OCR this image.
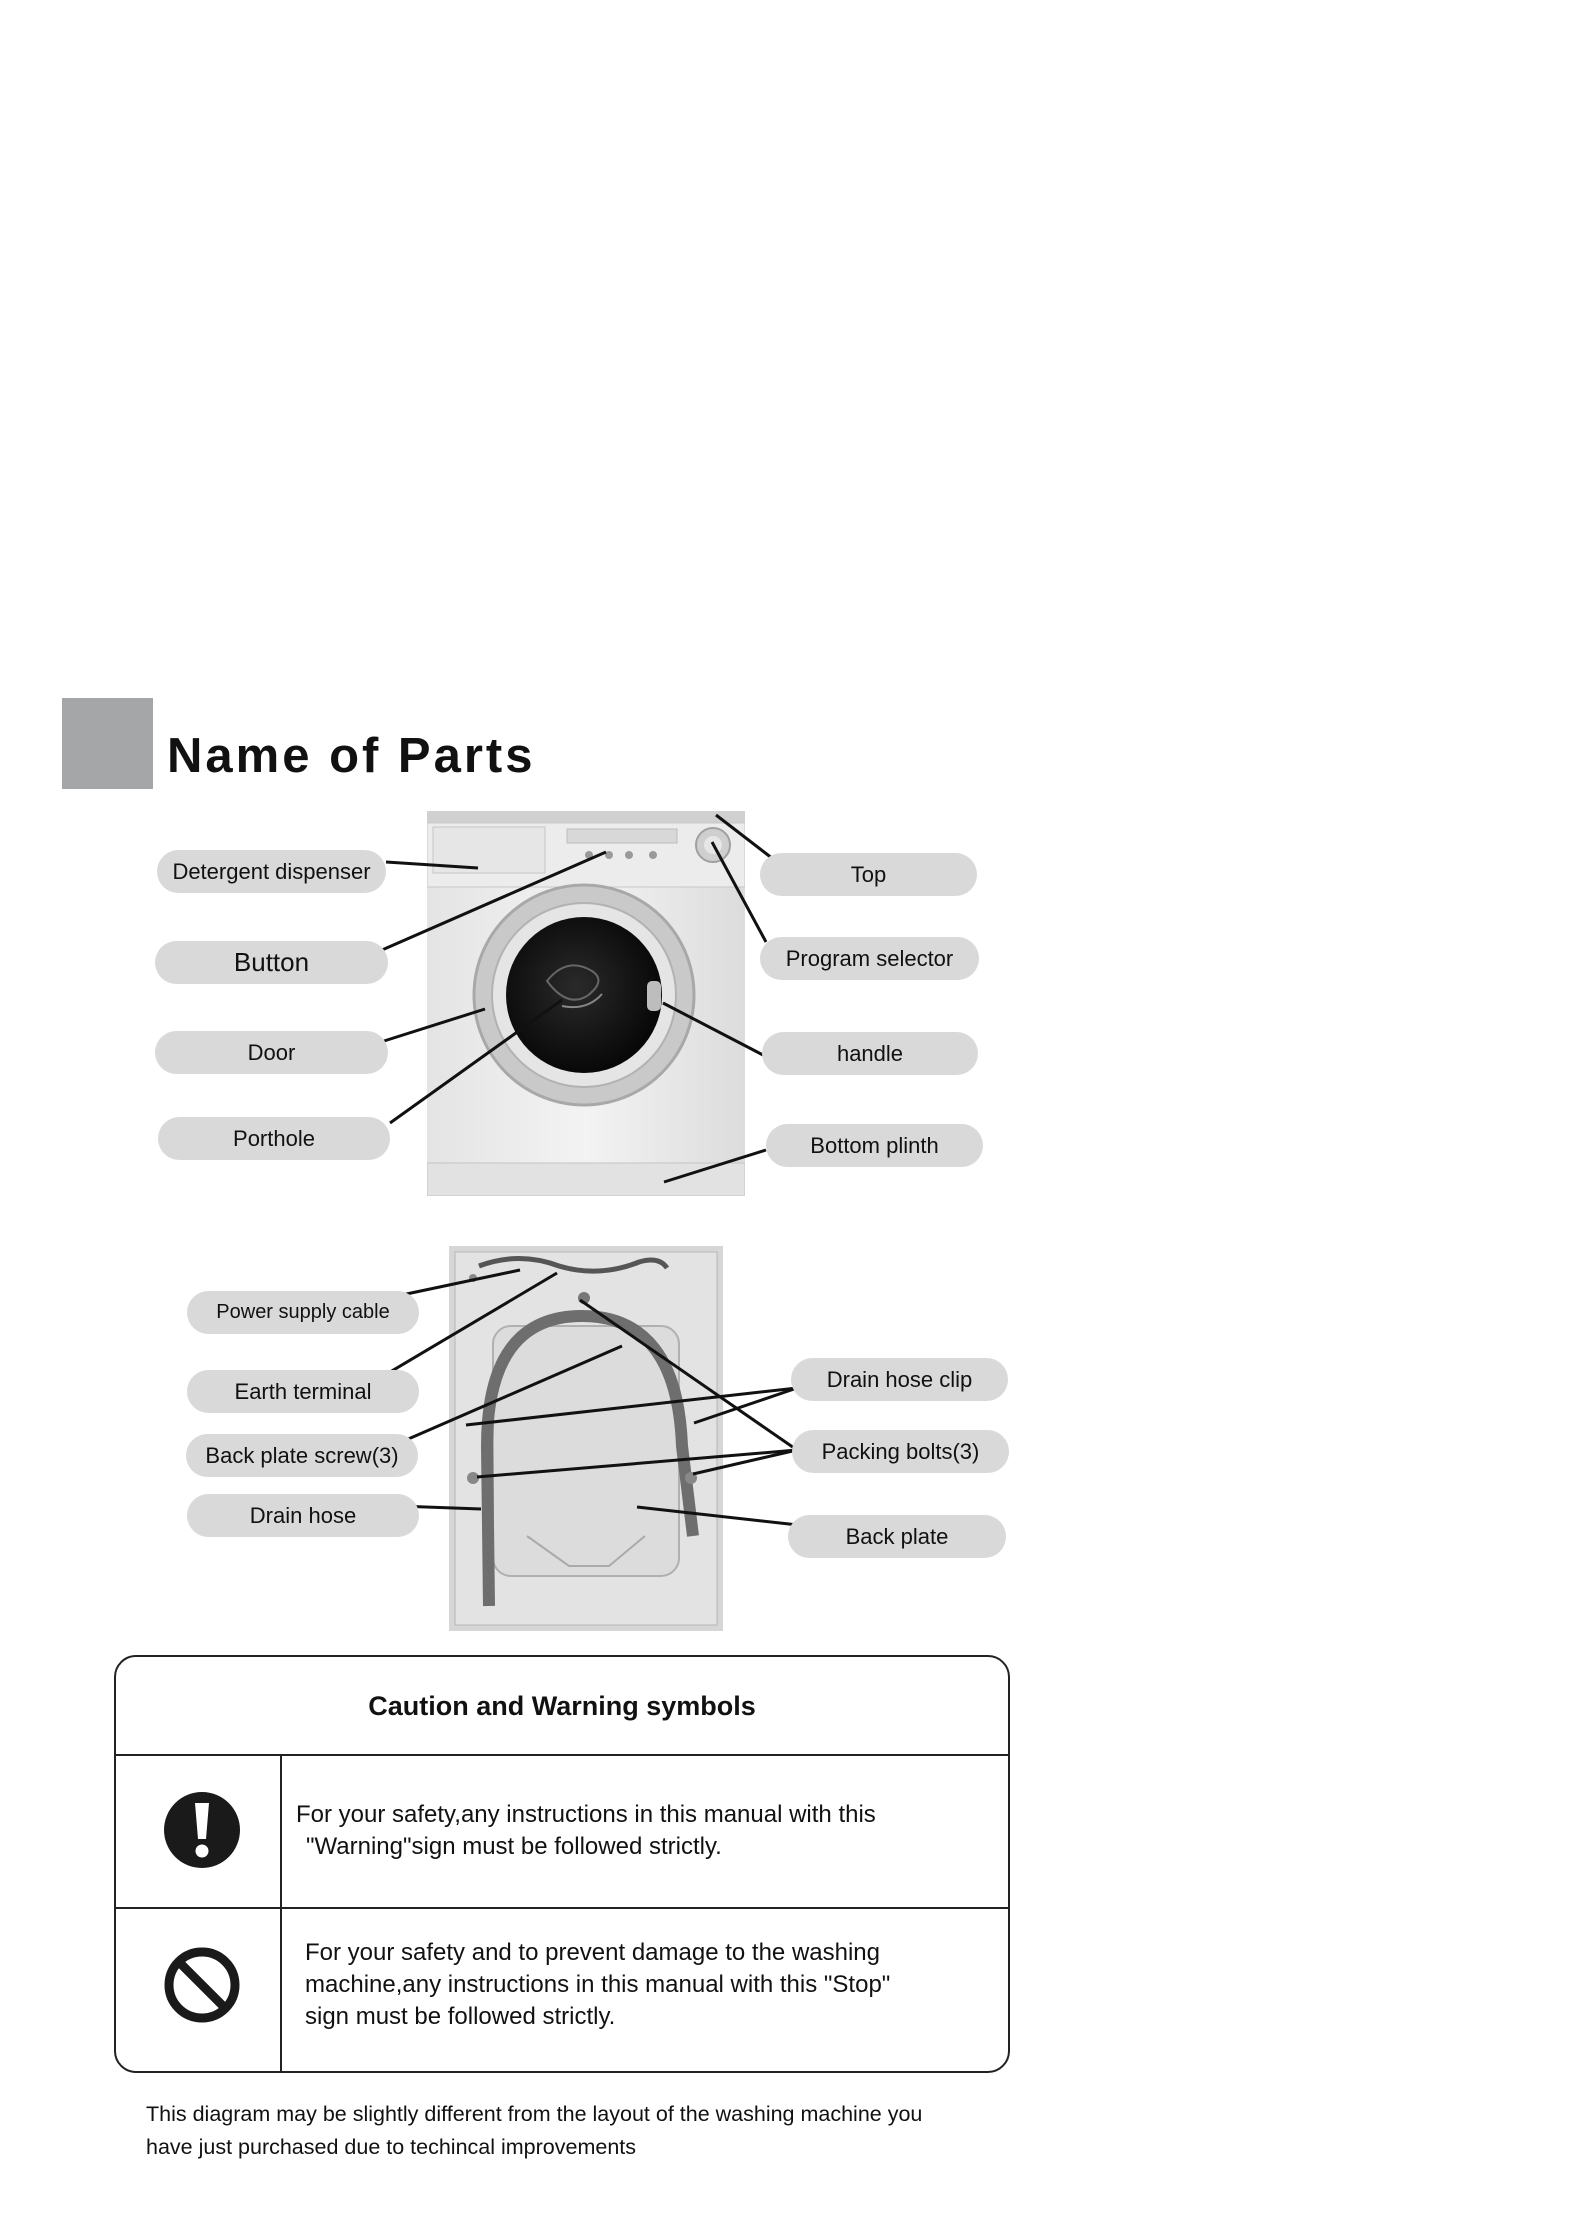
Name of Parts
Detergent dispenser
Button
Door
Porthole
Top
Program selector
handle
Bottom plinth
Power supply cable
Earth terminal
Back plate screw(3)
Drain hose
Drain hose clip
Packing bolts(3)
Back plate
Caution and Warning symbols
For your safety,any instructions in this manual with this
"Warning"sign must be followed strictly.
For your safety and to prevent damage to the washing
machine,any instructions in this manual with this "Stop"
sign must be followed strictly.
This diagram may be slightly different from the layout of the washing machine you
have just purchased due to techincal improvements
